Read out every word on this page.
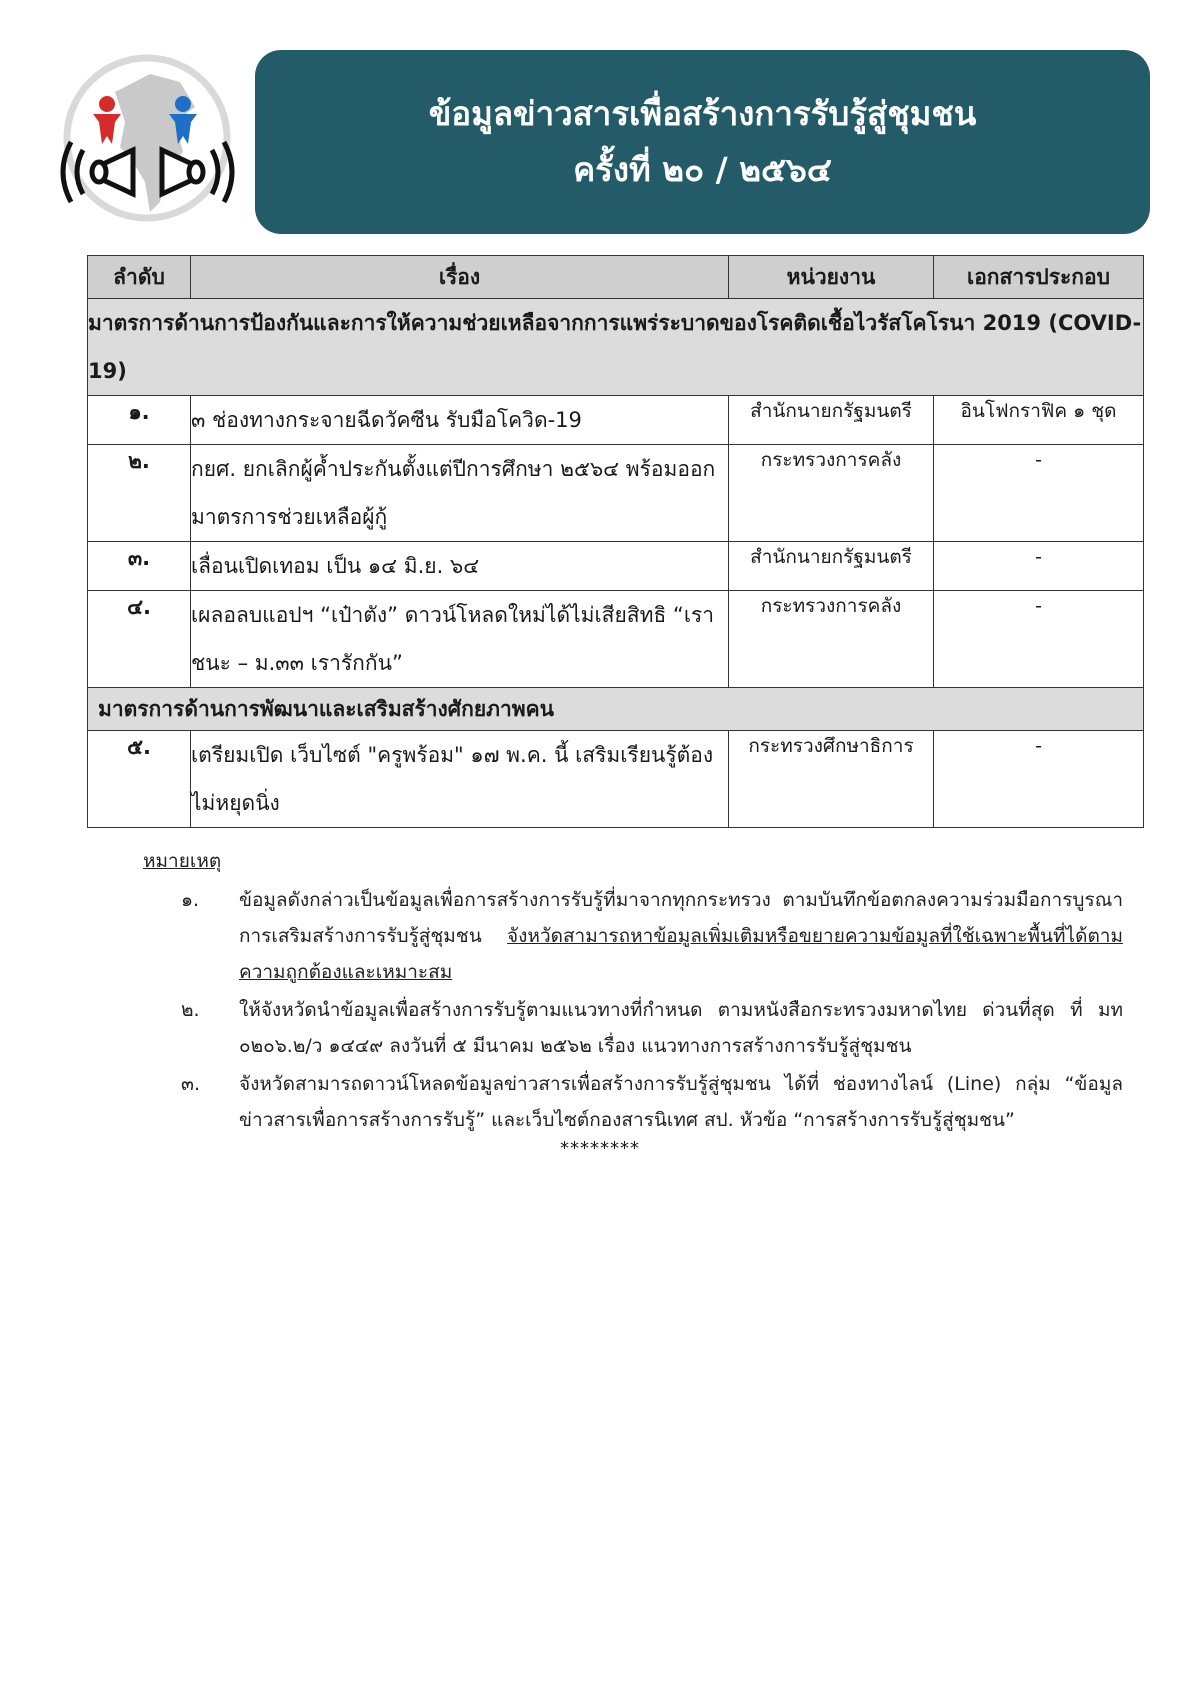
ข้อมูลข่าวสารเพื่อสร้างการรับรู้สู่ชุมชน
ครั้งที่ ๒๐ / ๒๕๖๔
ลำดับ	เรื่อง	หน่วยงาน	เอกสารประกอบ
มาตรการด้านการป้องกันและการให้ความช่วยเหลือจากการแพร่ระบาดของโรคติดเชื้อไวรัสโคโรนา 2019 (COVID-19)			
๑.	๓ ช่องทางกระจายฉีดวัคซีน รับมือโควิด-19	สำนักนายกรัฐมนตรี	อินโฟกราฟิค ๑ ชุด
๒.	กยศ. ยกเลิกผู้ค้ำประกันตั้งแต่ปีการศึกษา ๒๕๖๔ พร้อมออกมาตรการช่วยเหลือผู้กู้	กระทรวงการคลัง	-
๓.	เลื่อนเปิดเทอม เป็น ๑๔ มิ.ย. ๖๔	สำนักนายกรัฐมนตรี	-
๔.	เผลอลบแอปฯ “เป๋าตัง” ดาวน์โหลดใหม่ได้ไม่เสียสิทธิ “เราชนะ – ม.๓๓ เรารักกัน”	กระทรวงการคลัง	-
มาตรการด้านการพัฒนาและเสริมสร้างศักยภาพคน			
๕.	เตรียมเปิด เว็บไซต์ "ครูพร้อม" ๑๗ พ.ค. นี้ เสริมเรียนรู้ต้องไม่หยุดนิ่ง	กระทรวงศึกษาธิการ	-
หมายเหตุ
๑.	ข้อมูลดังกล่าวเป็นข้อมูลเพื่อการสร้างการรับรู้ที่มาจากทุกกระทรวง ตามบันทึกข้อตกลงความร่วมมือการบูรณาการเสริมสร้างการรับรู้สู่ชุมชน จังหวัดสามารถหาข้อมูลเพิ่มเติมหรือขยายความข้อมูลที่ใช้เฉพาะพื้นที่ได้ตามความถูกต้องและเหมาะสม
๒.	ให้จังหวัดนำข้อมูลเพื่อสร้างการรับรู้ตามแนวทางที่กำหนด ตามหนังสือกระทรวงมหาดไทย ด่วนที่สุด ที่ มท ๐๒๐๖.๒/ว ๑๔๔๙ ลงวันที่ ๕ มีนาคม ๒๕๖๒ เรื่อง แนวทางการสร้างการรับรู้สู่ชุมชน
๓.	จังหวัดสามารถดาวน์โหลดข้อมูลข่าวสารเพื่อสร้างการรับรู้สู่ชุมชน ได้ที่ ช่องทางไลน์ (Line) กลุ่ม “ข้อมูลข่าวสารเพื่อการสร้างการรับรู้” และเว็บไซต์กองสารนิเทศ สป. หัวข้อ “การสร้างการรับรู้สู่ชุมชน”
********
